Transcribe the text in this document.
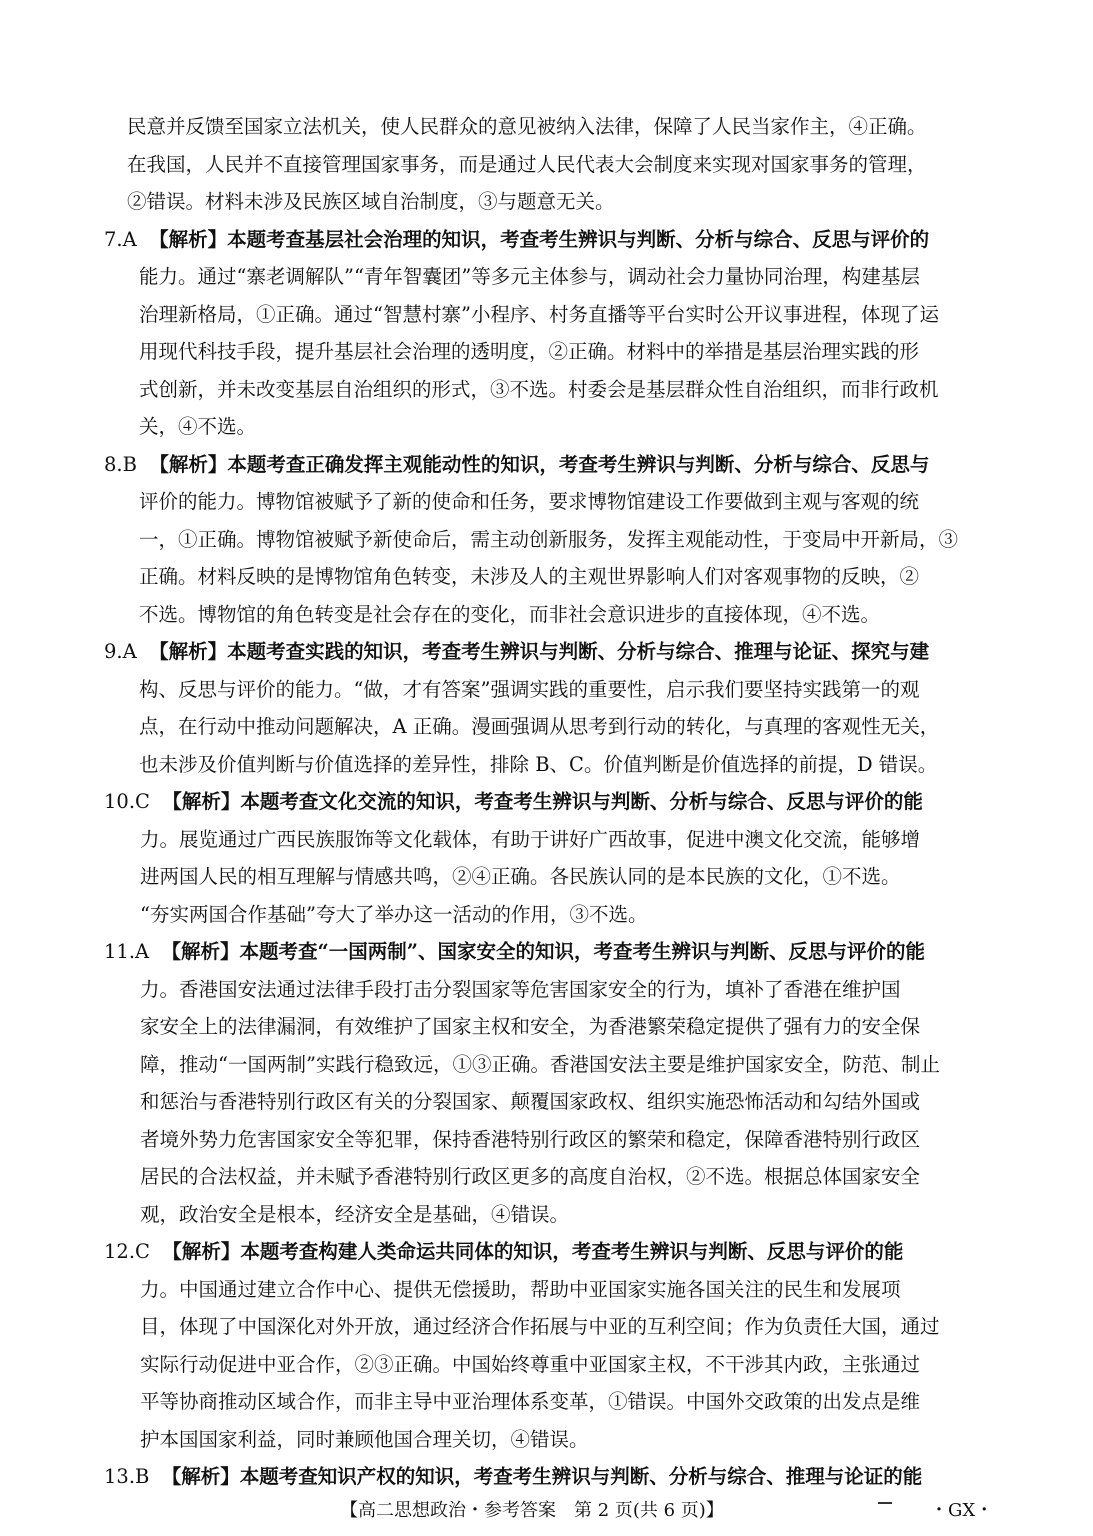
民意并反馈至国家立法机关，使人民群众的意见被纳入法律，保障了人民当家作主，④正确。
在我国，人民并不直接管理国家事务，而是通过人民代表大会制度来实现对国家事务的管理，
②错误。材料未涉及民族区域自治制度，③与题意无关。
7.A 【解析】本题考查基层社会治理的知识，考查考生辨识与判断、分析与综合、反思与评价的
能力。通过“寨老调解队”“青年智囊团”等多元主体参与，调动社会力量协同治理，构建基层
治理新格局，①正确。通过“智慧村寨”小程序、村务直播等平台实时公开议事进程，体现了运
用现代科技手段，提升基层社会治理的透明度，②正确。材料中的举措是基层治理实践的形
式创新，并未改变基层自治组织的形式，③不选。村委会是基层群众性自治组织，而非行政机
关，④不选。
8.B 【解析】本题考查正确发挥主观能动性的知识，考查考生辨识与判断、分析与综合、反思与
评价的能力。博物馆被赋予了新的使命和任务，要求博物馆建设工作要做到主观与客观的统
一，①正确。博物馆被赋予新使命后，需主动创新服务，发挥主观能动性，于变局中开新局，③
正确。材料反映的是博物馆角色转变，未涉及人的主观世界影响人们对客观事物的反映，②
不选。博物馆的角色转变是社会存在的变化，而非社会意识进步的直接体现，④不选。
9.A 【解析】本题考查实践的知识，考查考生辨识与判断、分析与综合、推理与论证、探究与建
构、反思与评价的能力。“做，才有答案”强调实践的重要性，启示我们要坚持实践第一的观
点，在行动中推动问题解决，A 正确。漫画强调从思考到行动的转化，与真理的客观性无关，
也未涉及价值判断与价值选择的差异性，排除 B、C。价值判断是价值选择的前提，D 错误。
10.C 【解析】本题考查文化交流的知识，考查考生辨识与判断、分析与综合、反思与评价的能
力。展览通过广西民族服饰等文化载体，有助于讲好广西故事，促进中澳文化交流，能够增
进两国人民的相互理解与情感共鸣，②④正确。各民族认同的是本民族的文化，①不选。
“夯实两国合作基础”夸大了举办这一活动的作用，③不选。
11.A 【解析】本题考查“一国两制”、国家安全的知识，考查考生辨识与判断、反思与评价的能
力。香港国安法通过法律手段打击分裂国家等危害国家安全的行为，填补了香港在维护国
家安全上的法律漏洞，有效维护了国家主权和安全，为香港繁荣稳定提供了强有力的安全保
障，推动“一国两制”实践行稳致远，①③正确。香港国安法主要是维护国家安全，防范、制止
和惩治与香港特别行政区有关的分裂国家、颠覆国家政权、组织实施恐怖活动和勾结外国或
者境外势力危害国家安全等犯罪，保持香港特别行政区的繁荣和稳定，保障香港特别行政区
居民的合法权益，并未赋予香港特别行政区更多的高度自治权，②不选。根据总体国家安全
观，政治安全是根本，经济安全是基础，④错误。
12.C 【解析】本题考查构建人类命运共同体的知识，考查考生辨识与判断、反思与评价的能
力。中国通过建立合作中心、提供无偿援助，帮助中亚国家实施各国关注的民生和发展项
目，体现了中国深化对外开放，通过经济合作拓展与中亚的互利空间；作为负责任大国，通过
实际行动促进中亚合作，②③正确。中国始终尊重中亚国家主权，不干涉其内政，主张通过
平等协商推动区域合作，而非主导中亚治理体系变革，①错误。中国外交政策的出发点是维
护本国国家利益，同时兼顾他国合理关切，④错误。
13.B 【解析】本题考查知识产权的知识，考查考生辨识与判断、分析与综合、推理与论证的能
【高二思想政治・参考答案　第 2 页(共 6 页)】	・GX・
